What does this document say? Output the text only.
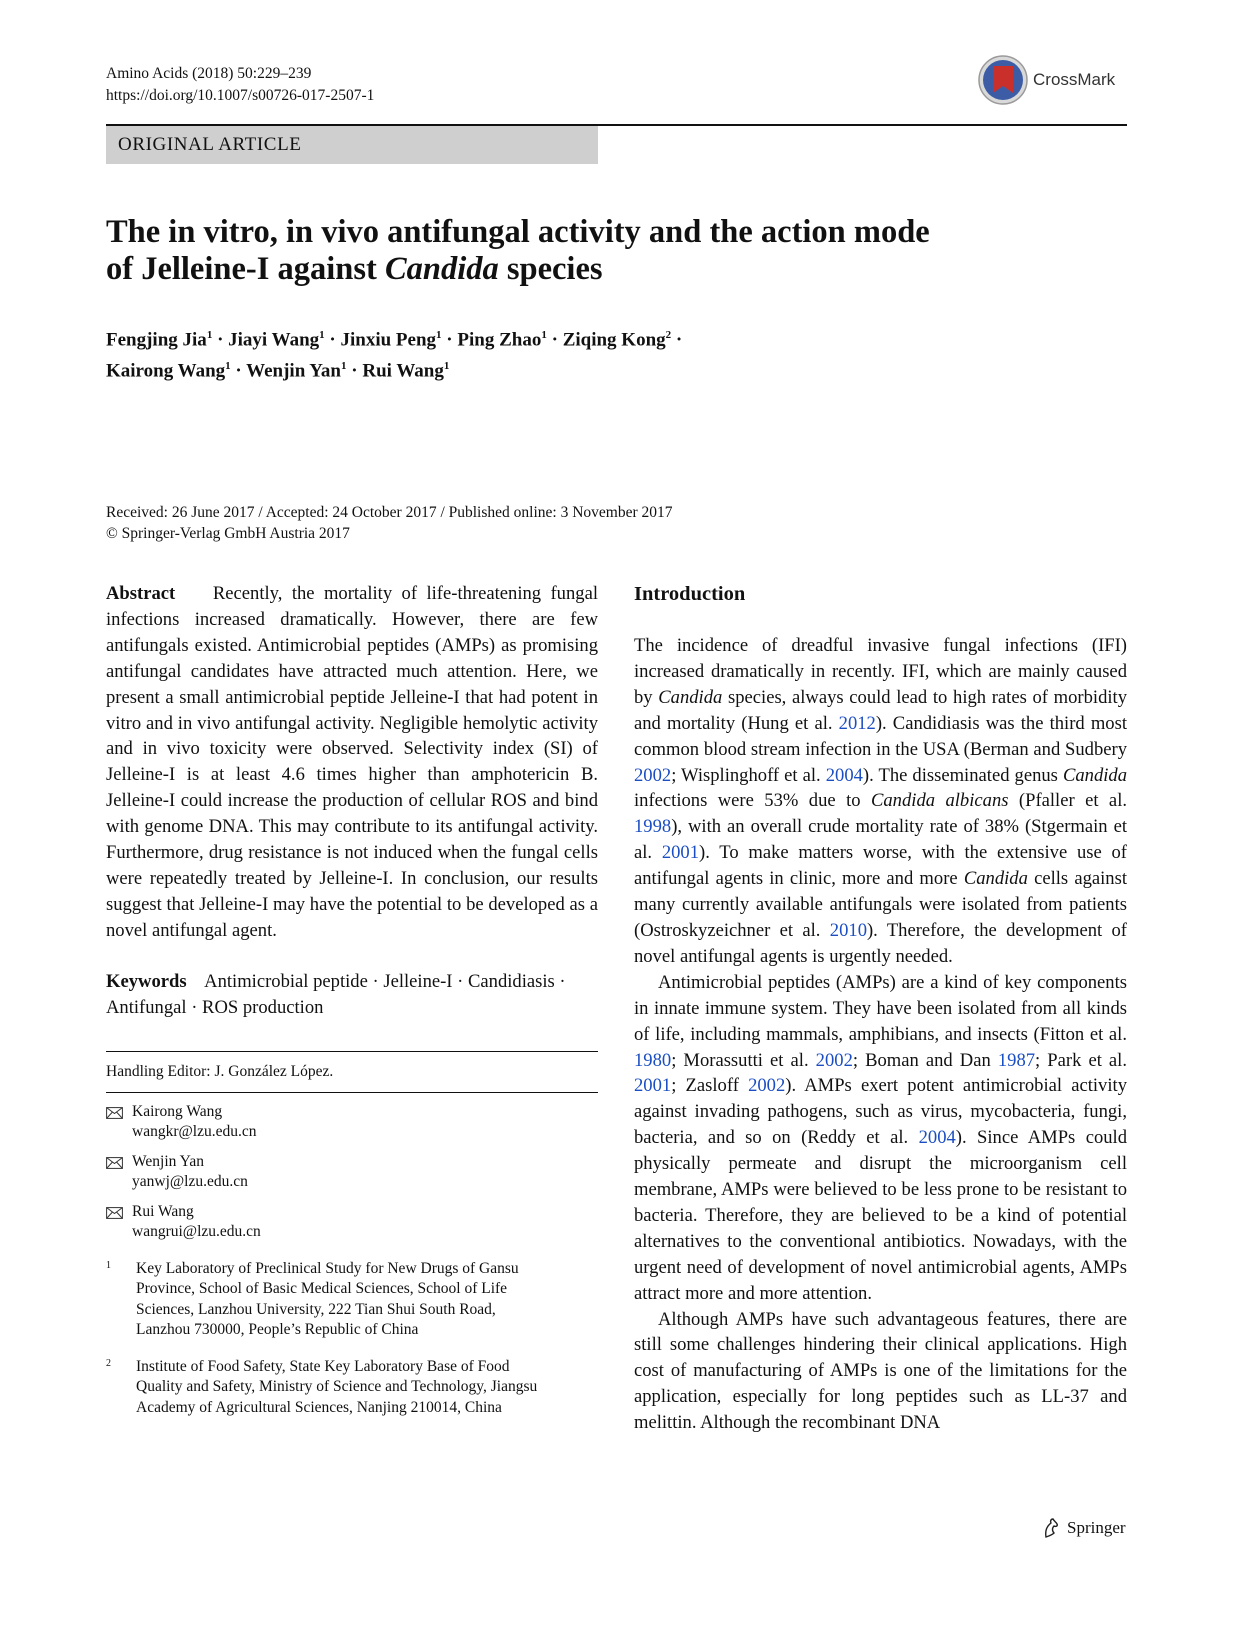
Amino Acids (2018) 50:229–239
https://doi.org/10.1007/s00726-017-2507-1
CrossMark
ORIGINAL ARTICLE
The in vitro, in vivo antifungal activity and the action mode
of Jelleine-I against Candida species
Fengjing Jia$^1$ · Jiayi Wang$^1$ · Jinxiu Peng$^1$ · Ping Zhao$^1$ · Ziqing Kong$^2$ ·
Kairong Wang$^1$ · Wenjin Yan$^1$ · Rui Wang$^1$
Received: 26 June 2017 / Accepted: 24 October 2017 / Published online: 3 November 2017
© Springer-Verlag GmbH Austria 2017

Abstract Recently, the mortality of life-threatening fungal infections increased dramatically. However, there are few antifungals existed. Antimicrobial peptides (AMPs) as promising antifungal candidates have attracted much attention. Here, we present a small antimicrobial peptide Jelleine-I that had potent in vitro and in vivo antifungal activity. Negligible hemolytic activity and in vivo toxicity were observed. Selectivity index (SI) of Jelleine-I is at least 4.6 times higher than amphotericin B. Jelleine-I could increase the production of cellular ROS and bind with genome DNA. This may contribute to its antifungal activity. Furthermore, drug resistance is not induced when the fungal cells were repeatedly treated by Jelleine-I. In conclusion, our results suggest that Jelleine-I may have the potential to be developed as a novel antifungal agent.

Keywords Antimicrobial peptide · Jelleine-I · Candidiasis · Antifungal · ROS production

Handling Editor: J. González López.
Kairong Wang
wangkr@lzu.edu.cn
Wenjin Yan
yanwj@lzu.edu.cn
Rui Wang
wangrui@lzu.edu.cn
1	Key Laboratory of Preclinical Study for New Drugs of Gansu Province, School of Basic Medical Sciences, School of Life Sciences, Lanzhou University, 222 Tian Shui South Road, Lanzhou 730000, People’s Republic of China
2	Institute of Food Safety, State Key Laboratory Base of Food Quality and Safety, Ministry of Science and Technology, Jiangsu Academy of Agricultural Sciences, Nanjing 210014, China
Introduction

The incidence of dreadful invasive fungal infections (IFI) increased dramatically in recently. IFI, which are mainly caused by Candida species, always could lead to high rates of morbidity and mortality (Hung et al. 2012). Candidiasis was the third most common blood stream infection in the USA (Berman and Sudbery 2002; Wisplinghoff et al. 2004). The disseminated genus Candida infections were 53% due to Candida albicans (Pfaller et al. 1998), with an overall crude mortality rate of 38% (Stgermain et al. 2001). To make matters worse, with the extensive use of antifungal agents in clinic, more and more Candida cells against many currently available antifungals were isolated from patients (Ostroskyzeichner et al. 2010). Therefore, the development of novel antifungal agents is urgently needed.

Antimicrobial peptides (AMPs) are a kind of key components in innate immune system. They have been isolated from all kinds of life, including mammals, amphibians, and insects (Fitton et al. 1980; Morassutti et al. 2002; Boman and Dan 1987; Park et al. 2001; Zasloff 2002). AMPs exert potent antimicrobial activity against invading pathogens, such as virus, mycobacteria, fungi, bacteria, and so on (Reddy et al. 2004). Since AMPs could physically permeate and disrupt the microorganism cell membrane, AMPs were believed to be less prone to be resistant to bacteria. Therefore, they are believed to be a kind of potential alternatives to the conventional antibiotics. Nowadays, with the urgent need of development of novel antimicrobial agents, AMPs attract more and more attention.

Although AMPs have such advantageous features, there are still some challenges hindering their clinical applications. High cost of manufacturing of AMPs is one of the limitations for the application, especially for long peptides such as LL-37 and melittin. Although the recombinant DNA

Springer
